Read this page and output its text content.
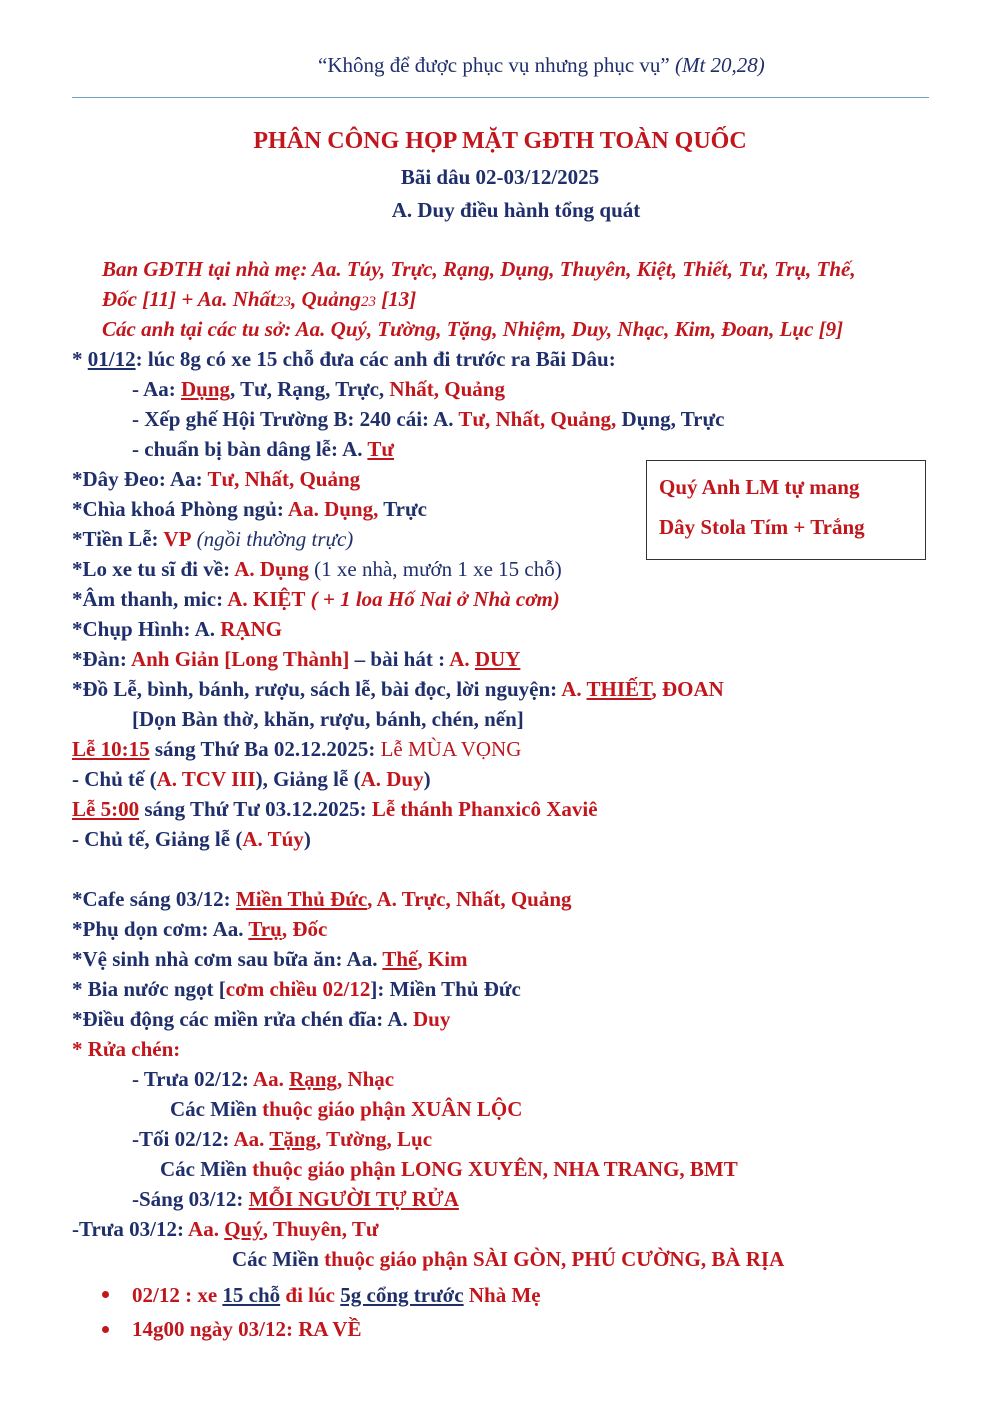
“Không để được phục vụ nhưng phục vụ” (Mt 20,28)
PHÂN CÔNG HỌP MẶT GĐTH TOÀN QUỐC
Bãi dâu 02-03/12/2025
A. Duy điều hành tổng quát
Ban GĐTH tại nhà mẹ: Aa. Túy, Trực, Rạng, Dụng, Thuyên, Kiệt, Thiết, Tư, Trụ, Thế,
Đốc [11] + Aa. Nhất23, Quảng23 [13]
Các anh tại các tu sở: Aa. Quý, Tường, Tặng, Nhiệm, Duy, Nhạc, Kim, Đoan, Lục [9]
* 01/12: lúc 8g có xe 15 chỗ đưa các anh đi trước ra Bãi Dâu:
- Aa: Dụng, Tư, Rạng, Trực, Nhất, Quảng
- Xếp ghế Hội Trường B: 240 cái: A. Tư, Nhất, Quảng, Dụng, Trực
- chuẩn bị bàn dâng lễ: A. Tư
Quý Anh LM tự mang
Dây Stola Tím + Trắng
*Dây Đeo: Aa: Tư, Nhất, Quảng
*Chìa khoá Phòng ngủ: Aa. Dụng, Trực
*Tiền Lễ: VP (ngồi thường trực)
*Lo xe tu sĩ đi về: A. Dụng (1 xe nhà, mướn 1 xe 15 chỗ)
*Âm thanh, mic: A. KIỆT ( + 1 loa Hố Nai ở Nhà cơm)
*Chụp Hình: A. RẠNG
*Đàn: Anh Giản [Long Thành] – bài hát : A. DUY
*Đồ Lễ, bình, bánh, rượu, sách lễ, bài đọc, lời nguyện: A. THIẾT, ĐOAN
[Dọn Bàn thờ, khăn, rượu, bánh, chén, nến]
Lễ 10:15 sáng Thứ Ba 02.12.2025: Lễ MÙA VỌNG
- Chủ tế (A. TCV III), Giảng lễ (A. Duy)
Lễ 5:00 sáng Thứ Tư 03.12.2025: Lễ thánh Phanxicô Xaviê
- Chủ tế, Giảng lễ (A. Túy)
*Cafe sáng 03/12: Miền Thủ Đức, A. Trực, Nhất, Quảng
*Phụ dọn cơm: Aa. Trụ, Đốc
*Vệ sinh nhà cơm sau bữa ăn: Aa. Thế, Kim
* Bia nước ngọt [cơm chiều 02/12]: Miền Thủ Đức
*Điều động các miền rửa chén đĩa: A. Duy
* Rửa chén:
- Trưa 02/12: Aa. Rạng, Nhạc
Các Miền thuộc giáo phận XUÂN LỘC
-Tối 02/12: Aa. Tặng, Tường, Lục
Các Miền thuộc giáo phận LONG XUYÊN, NHA TRANG, BMT
-Sáng 03/12: MỖI NGƯỜI TỰ RỬA
-Trưa 03/12: Aa. Quý, Thuyên, Tư
Các Miền thuộc giáo phận SÀI GÒN, PHÚ CƯỜNG, BÀ RỊA
02/12 : xe 15 chỗ đi lúc 5g cổng trước Nhà Mẹ
14g00 ngày 03/12: RA VỀ
